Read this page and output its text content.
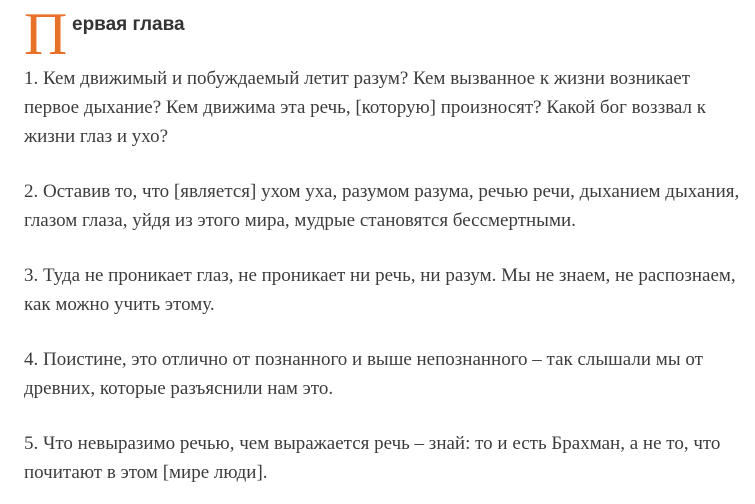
П ервая глава

1. Кем движимый и побуждаемый летит разум? Кем вызванное к жизни возникает первое дыхание? Кем движима эта речь, [которую] произносят? Какой бог воззвал к жизни глаз и ухо?

2. Оставив то, что [является] ухом уха, разумом разума, речью речи, дыханием дыхания, глазом глаза, уйдя из этого мира, мудрые становятся бессмертными.

3. Туда не проникает глаз, не проникает ни речь, ни разум. Мы не знаем, не распознаем, как можно учить этому.

4. Поистине, это отлично от познанного и выше непознанного – так слышали мы от древних, которые разъяснили нам это.

5. Что невыразимо речью, чем выражается речь – знай: то и есть Брахман, а не то, что почитают в этом [мире люди].
